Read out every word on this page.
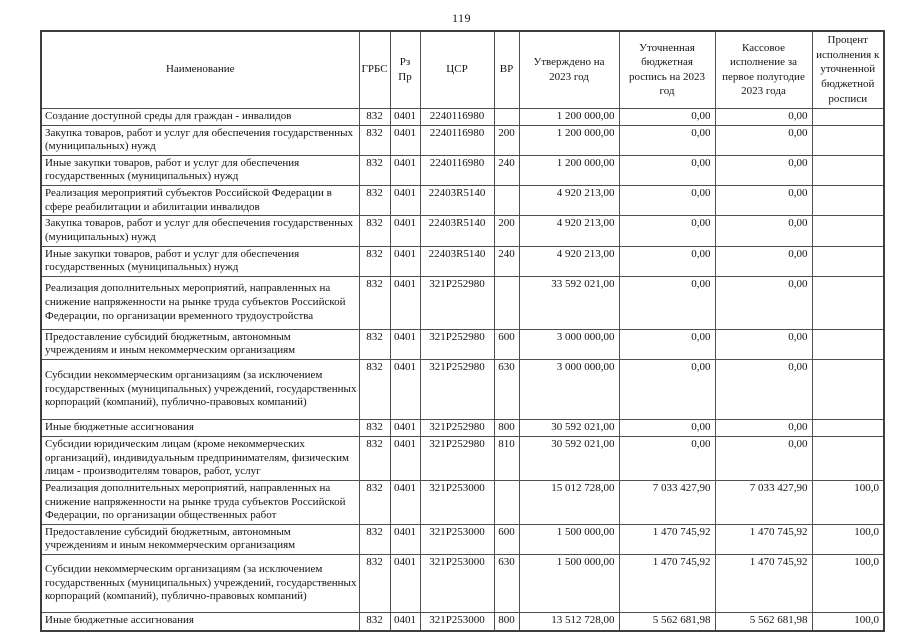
119
Наименование	ГРБС	Рз Пр	ЦСР	ВР	Утверждено на 2023 год	Уточненная бюджетная роспись на 2023 год	Кассовое исполнение за первое полугодие 2023 года	Процент исполнения к уточненной бюджетной росписи
Создание доступной среды для граждан - инвалидов	832	0401	2240116980		1 200 000,00	0,00	0,00	
Закупка товаров, работ и услуг для обеспечения государственных (муниципальных) нужд	832	0401	2240116980	200	1 200 000,00	0,00	0,00	
Иные закупки товаров, работ и услуг для обеспечения государственных (муниципальных) нужд	832	0401	2240116980	240	1 200 000,00	0,00	0,00	
Реализация мероприятий субъектов Российской Федерации в сфере реабилитации и абилитации инвалидов	832	0401	22403R5140		4 920 213,00	0,00	0,00	
Закупка товаров, работ и услуг для обеспечения государственных (муниципальных) нужд	832	0401	22403R5140	200	4 920 213,00	0,00	0,00	
Иные закупки товаров, работ и услуг для обеспечения государственных (муниципальных) нужд	832	0401	22403R5140	240	4 920 213,00	0,00	0,00	
Реализация дополнительных мероприятий, направленных на снижение напряженности на рынке труда субъектов Российской Федерации, по организации временного трудоустройства	832	0401	321P252980		33 592 021,00	0,00	0,00	
Предоставление субсидий бюджетным, автономным учреждениям и иным некоммерческим организациям	832	0401	321P252980	600	3 000 000,00	0,00	0,00	
Субсидии некоммерческим организациям (за исключением государственных (муниципальных) учреждений, государственных корпораций (компаний), публично-правовых компаний)	832	0401	321P252980	630	3 000 000,00	0,00	0,00	
Иные бюджетные ассигнования	832	0401	321P252980	800	30 592 021,00	0,00	0,00	
Субсидии юридическим лицам (кроме некоммерческих организаций), индивидуальным предпринимателям, физическим лицам - производителям товаров, работ, услуг	832	0401	321P252980	810	30 592 021,00	0,00	0,00	
Реализация дополнительных мероприятий, направленных на снижение напряженности на рынке труда субъектов Российской Федерации, по организации общественных работ	832	0401	321P253000		15 012 728,00	7 033 427,90	7 033 427,90	100,0
Предоставление субсидий бюджетным, автономным учреждениям и иным некоммерческим организациям	832	0401	321P253000	600	1 500 000,00	1 470 745,92	1 470 745,92	100,0
Субсидии некоммерческим организациям (за исключением государственных (муниципальных) учреждений, государственных корпораций (компаний), публично-правовых компаний)	832	0401	321P253000	630	1 500 000,00	1 470 745,92	1 470 745,92	100,0
Иные бюджетные ассигнования	832	0401	321P253000	800	13 512 728,00	5 562 681,98	5 562 681,98	100,0
